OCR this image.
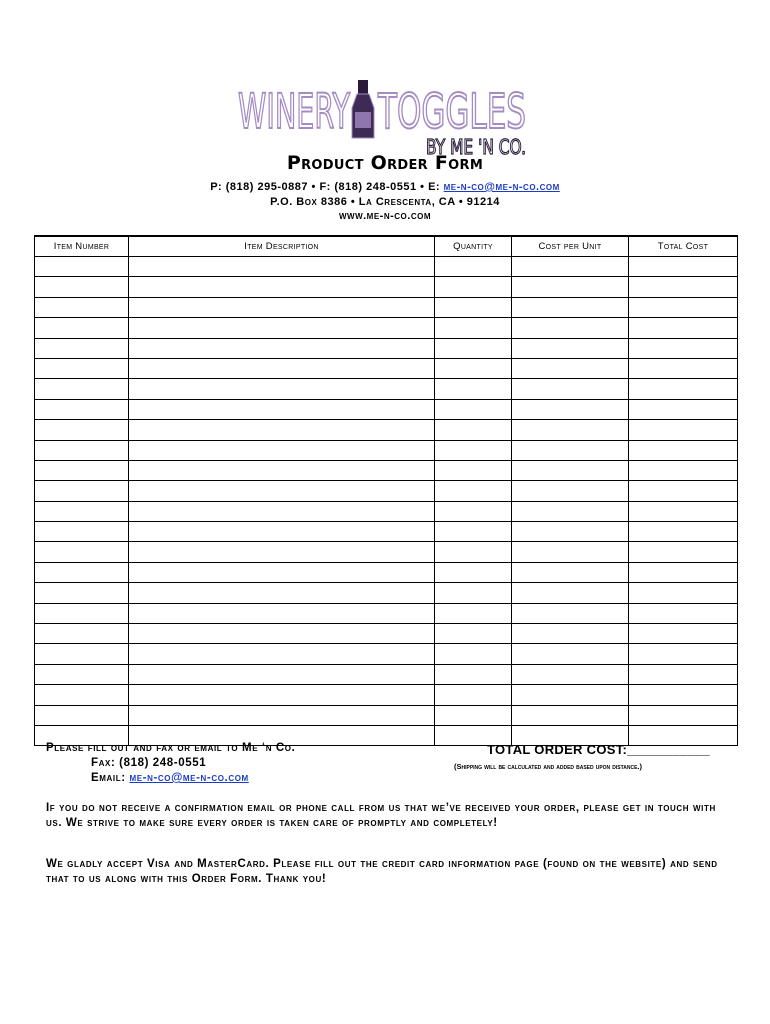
WINERY TOGGLES
BY ME 'N CO.
Product Order Form
P: (818) 295-0887 • F: (818) 248-0551 • E: me-n-co@me-n-co.com
P.O. Box 8386 • La Crescenta, CA • 91214
www.me-n-co.com
Item Number	Item Description	Quantity	Cost per Unit	Total Cost

Please fill out and fax or email to Me ‘n Co.
Fax: (818) 248-0551
Email: me-n-co@me-n-co.com
TOTAL ORDER COST:___________
(Shipping will be calculated and added based upon distance.)
If you do not receive a confirmation email or phone call from us that we’ve received your order, please get in touch with us. We strive to make sure every order is taken care of promptly and completely!
We gladly accept Visa and MasterCard. Please fill out the credit card information page (found on the website) and send that to us along with this Order Form. Thank you!
